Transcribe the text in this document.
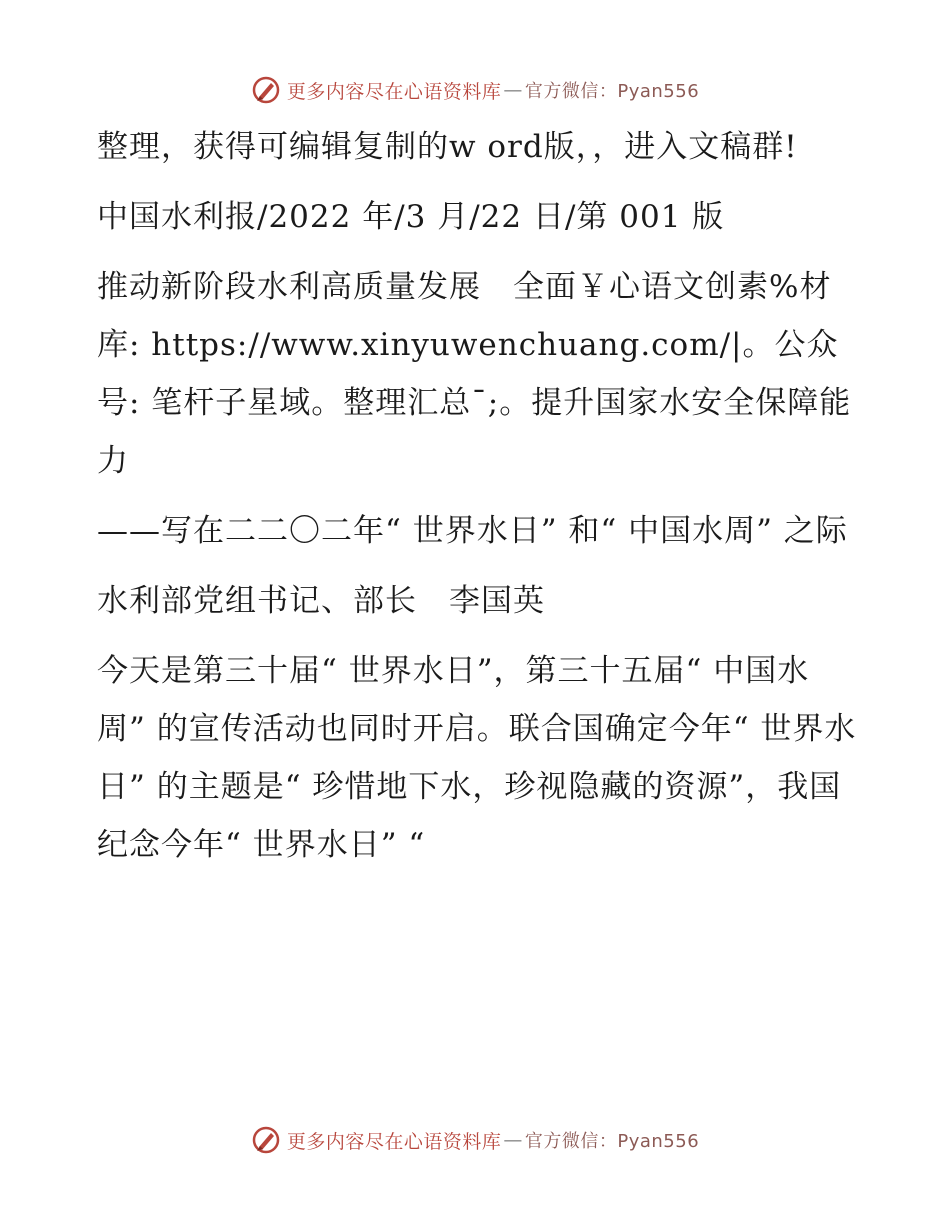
更多内容尽在心语资料库 — 官方微信：Pyan556

整理，获得可编辑复制的w ord版，，进入文稿群!

中国水利报/2022 年/3 月/22 日/第 001 版

推动新阶段水利高质量发展　全面￥心语文创素%材库: https://www.xinyuwenchuang.com/|。公众号: 笔杆子星域。整理汇总¯;。提升国家水安全保障能力

——写在二二〇二年“ 世界水日” 和“ 中国水周” 之际

水利部党组书记、部长　李国英

今天是第三十届“ 世界水日”，第三十五届“ 中国水周” 的宣传活动也同时开启。联合国确定今年“ 世界水日” 的主题是“ 珍惜地下水，珍视隐藏的资源”，我国纪念今年“ 世界水日” “

更多内容尽在心语资料库 — 官方微信：Pyan556
